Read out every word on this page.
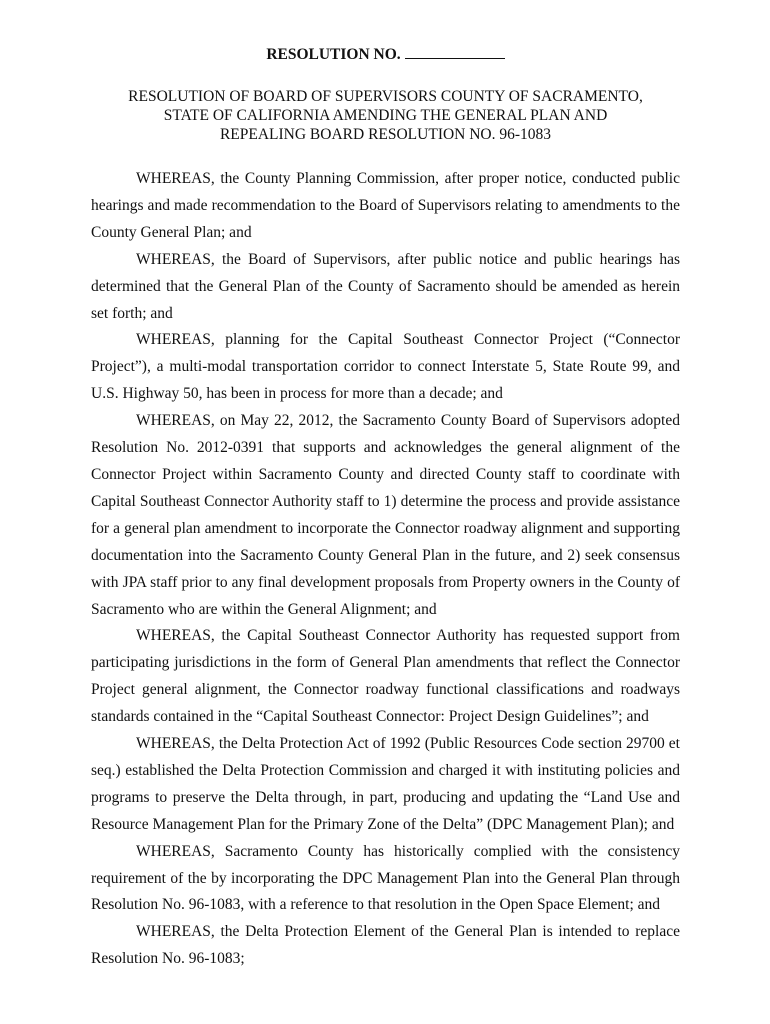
RESOLUTION NO.

RESOLUTION OF BOARD OF SUPERVISORS COUNTY OF SACRAMENTO,
STATE OF CALIFORNIA AMENDING THE GENERAL PLAN AND
REPEALING BOARD RESOLUTION NO. 96-1083

WHEREAS, the County Planning Commission, after proper notice, conducted public hearings and made recommendation to the Board of Supervisors relating to amendments to the County General Plan; and

WHEREAS, the Board of Supervisors, after public notice and public hearings has determined that the General Plan of the County of Sacramento should be amended as herein set forth; and

WHEREAS, planning for the Capital Southeast Connector Project (“Connector Project”), a multi-modal transportation corridor to connect Interstate 5, State Route 99, and U.S. Highway 50, has been in process for more than a decade; and

WHEREAS, on May 22, 2012, the Sacramento County Board of Supervisors adopted Resolution No. 2012-0391 that supports and acknowledges the general alignment of the Connector Project within Sacramento County and directed County staff to coordinate with Capital Southeast Connector Authority staff to 1) determine the process and provide assistance for a general plan amendment to incorporate the Connector roadway alignment and supporting documentation into the Sacramento County General Plan in the future, and 2) seek consensus with JPA staff prior to any final development proposals from Property owners in the County of Sacramento who are within the General Alignment; and

WHEREAS, the Capital Southeast Connector Authority has requested support from participating jurisdictions in the form of General Plan amendments that reflect the Connector Project general alignment, the Connector roadway functional classifications and roadways standards contained in the “Capital Southeast Connector: Project Design Guidelines”; and

WHEREAS, the Delta Protection Act of 1992 (Public Resources Code section 29700 et seq.) established the Delta Protection Commission and charged it with instituting policies and programs to preserve the Delta through, in part, producing and updating the “Land Use and Resource Management Plan for the Primary Zone of the Delta” (DPC Management Plan); and

WHEREAS, Sacramento County has historically complied with the consistency requirement of the by incorporating the DPC Management Plan into the General Plan through Resolution No. 96-1083, with a reference to that resolution in the Open Space Element; and

WHEREAS, the Delta Protection Element of the General Plan is intended to replace Resolution No. 96-1083;
